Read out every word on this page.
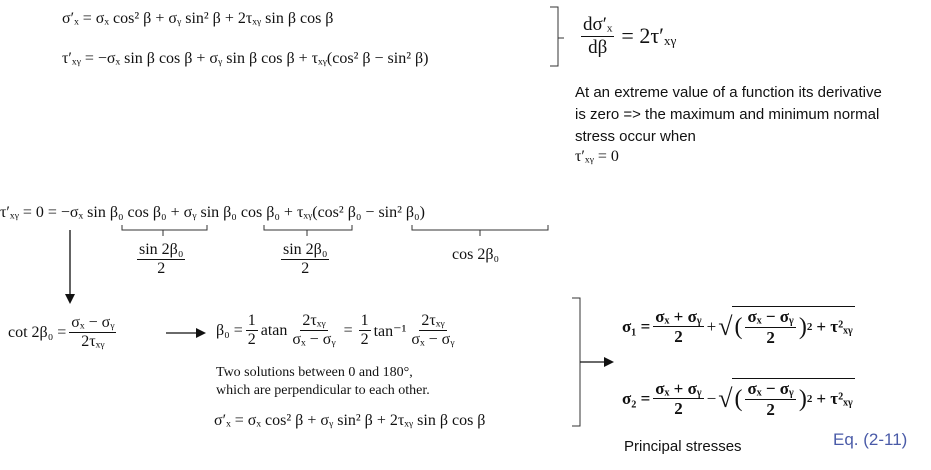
σ′ₓ = σₓ cos² β + σᵧ sin² β + 2τₓᵧ sin β cos β
τ′ₓᵧ = −σₓ sin β cos β + σᵧ sin β cos β + τₓᵧ(cos² β − sin² β)	$\frac{\text{dσ′ₓ}}{d\beta}$ = 2τ′ₓᵧ
At an extreme value of a function its derivative is zero => the maximum and minimum normal stress occur when
τ′ₓᵧ = 0
τ′ₓᵧ = 0 = −σₓ sin β₀ cos β₀ + σᵧ sin β₀ cos β₀ + τₓᵧ(cos² β₀ − sin² β₀)
$\frac{\text{sin 2β₀}}{2}$	$\frac{\text{sin 2β₀}}{2}$	cos 2β₀
$\cot 2\beta_0 = \frac{\text{σₓ − σᵧ}}{\text{2τₓᵧ}}$	$\beta_0 = \frac{1}{2}$ atan $\frac{\text{2τₓᵧ}}{\text{σₓ − σᵧ}} = \frac{1}{2} \tan^{-1} \frac{\text{2τₓᵧ}}{\text{σₓ − σᵧ}}$
Two solutions between 0 and 180°,
which are perpendicular to each other.
σ′ₓ = σₓ cos² β + σᵧ sin² β + 2τₓᵧ sin β cos β
$\sigma_1 = \frac{\text{σₓ + σᵧ}}{2}$ + √ ( $\frac{\text{σₓ − σᵧ}}{2}$ ) 2 + τ²ₓᵧ
$\sigma_2 = \frac{\text{σₓ + σᵧ}}{2}$ − √ ( $\frac{\text{σₓ − σᵧ}}{2}$ ) 2 + τ²ₓᵧ
Principal stresses	Eq. (2-11)
